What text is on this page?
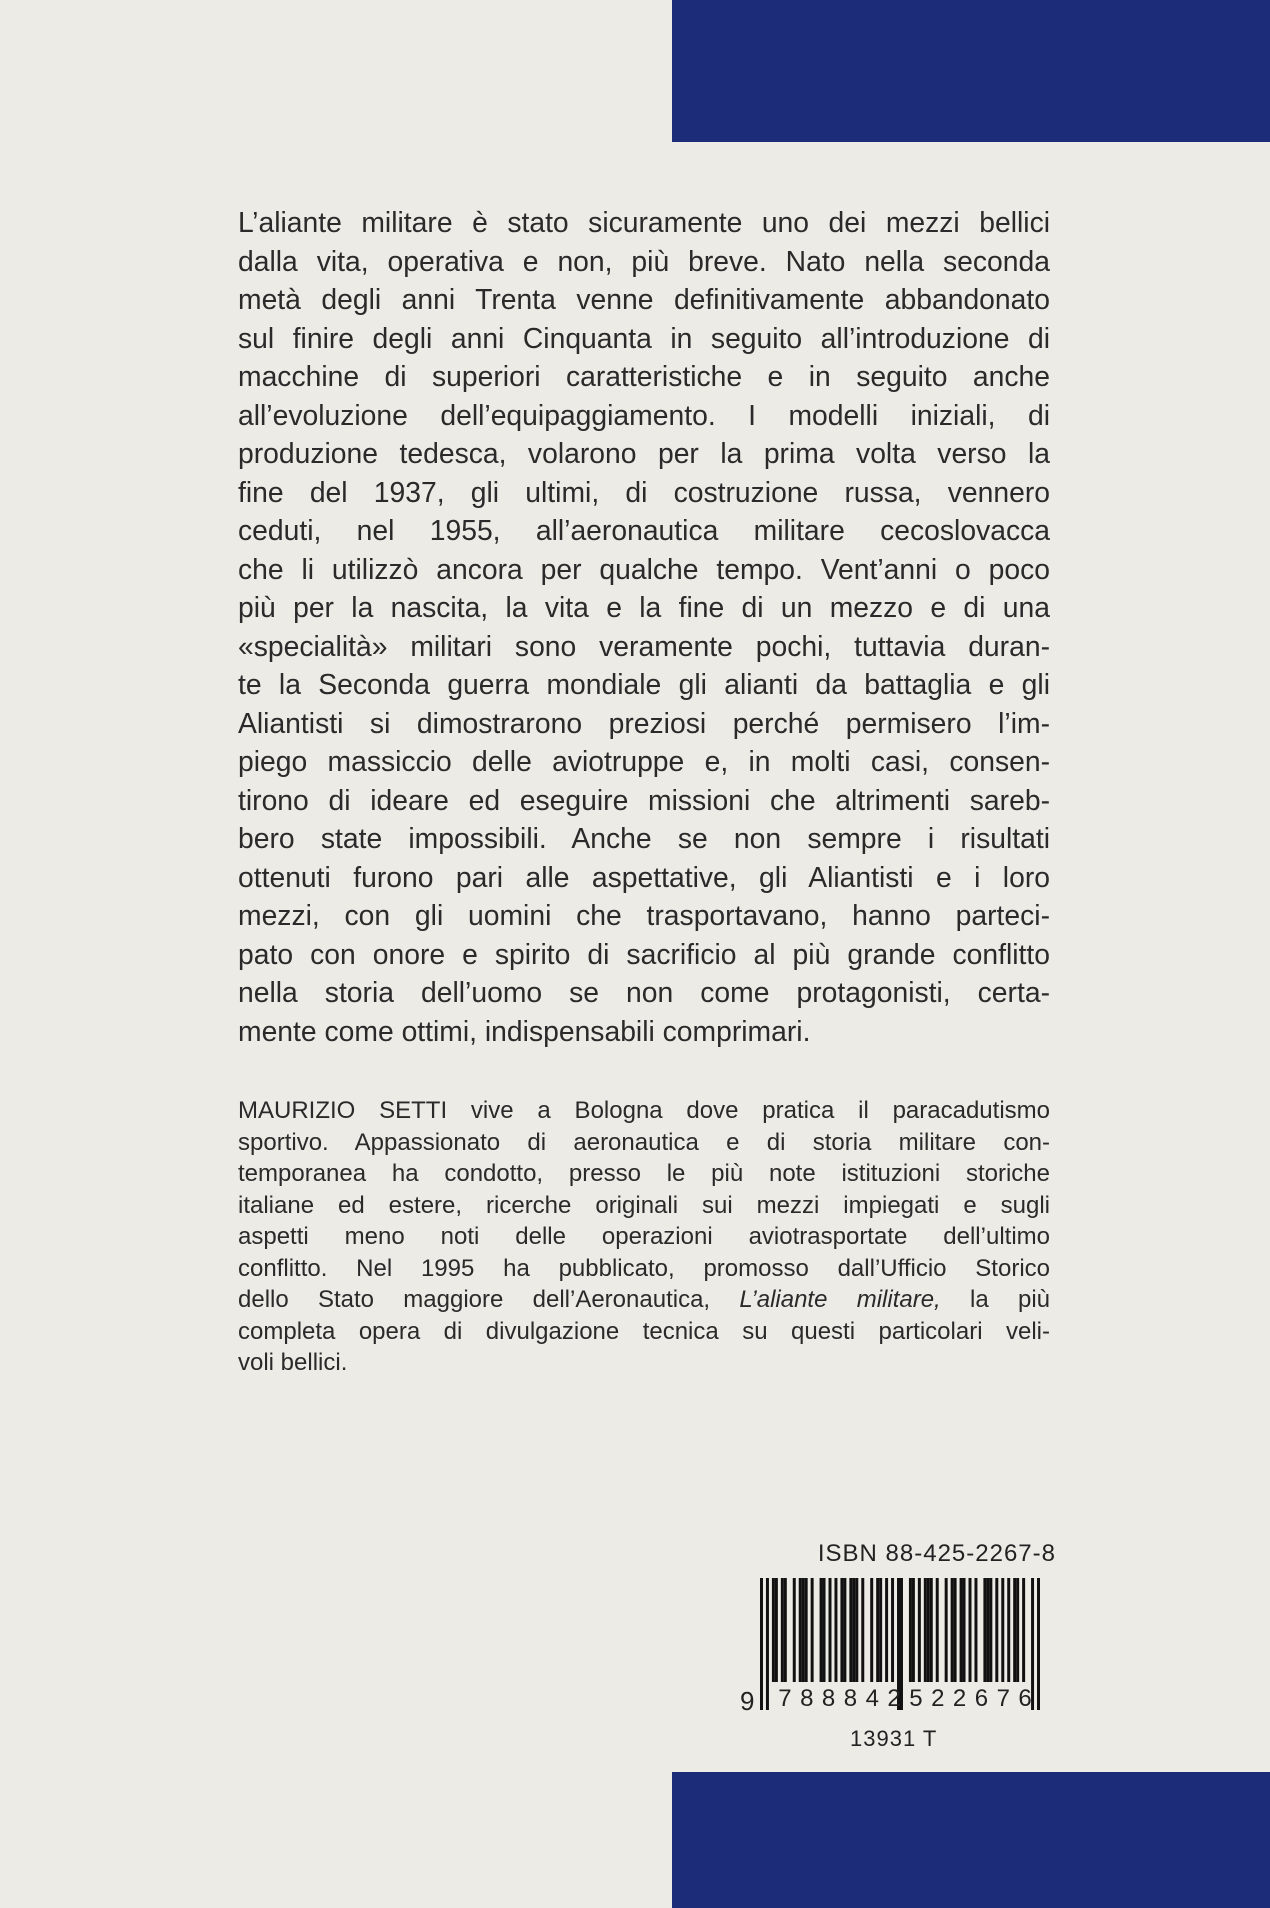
L’aliante militare è stato sicuramente uno dei mezzi bellici
dalla vita, operativa e non, più breve. Nato nella seconda
metà degli anni Trenta venne definitivamente abbandonato
sul finire degli anni Cinquanta in seguito all’introduzione di
macchine di superiori caratteristiche e in seguito anche
all’evoluzione dell’equipaggiamento. I modelli iniziali, di
produzione tedesca, volarono per la prima volta verso la
fine del 1937, gli ultimi, di costruzione russa, vennero
ceduti, nel 1955, all’aeronautica militare cecoslovacca
che li utilizzò ancora per qualche tempo. Vent’anni o poco
più per la nascita, la vita e la fine di un mezzo e di una
«specialità» militari sono veramente pochi, tuttavia duran-
te la Seconda guerra mondiale gli alianti da battaglia e gli
Aliantisti si dimostrarono preziosi perché permisero l’im-
piego massiccio delle aviotruppe e, in molti casi, consen-
tirono di ideare ed eseguire missioni che altrimenti sareb-
bero state impossibili. Anche se non sempre i risultati
ottenuti furono pari alle aspettative, gli Aliantisti e i loro
mezzi, con gli uomini che trasportavano, hanno parteci-
pato con onore e spirito di sacrificio al più grande conflitto
nella storia dell’uomo se non come protagonisti, certa-
mente come ottimi, indispensabili comprimari.
MAURIZIO SETTI vive a Bologna dove pratica il paracadutismo
sportivo. Appassionato di aeronautica e di storia militare con-
temporanea ha condotto, presso le più note istituzioni storiche
italiane ed estere, ricerche originali sui mezzi impiegati e sugli
aspetti meno noti delle operazioni aviotrasportate dell’ultimo
conflitto. Nel 1995 ha pubblicato, promosso dall’Ufficio Storico
dello Stato maggiore dell’Aeronautica, L’aliante militare, la più
completa opera di divulgazione tecnica su questi particolari veli-
voli bellici.
ISBN 88-425-2267-8
7 8 8 8 4 2 5 2 2 6 7 6
9
13931 T
